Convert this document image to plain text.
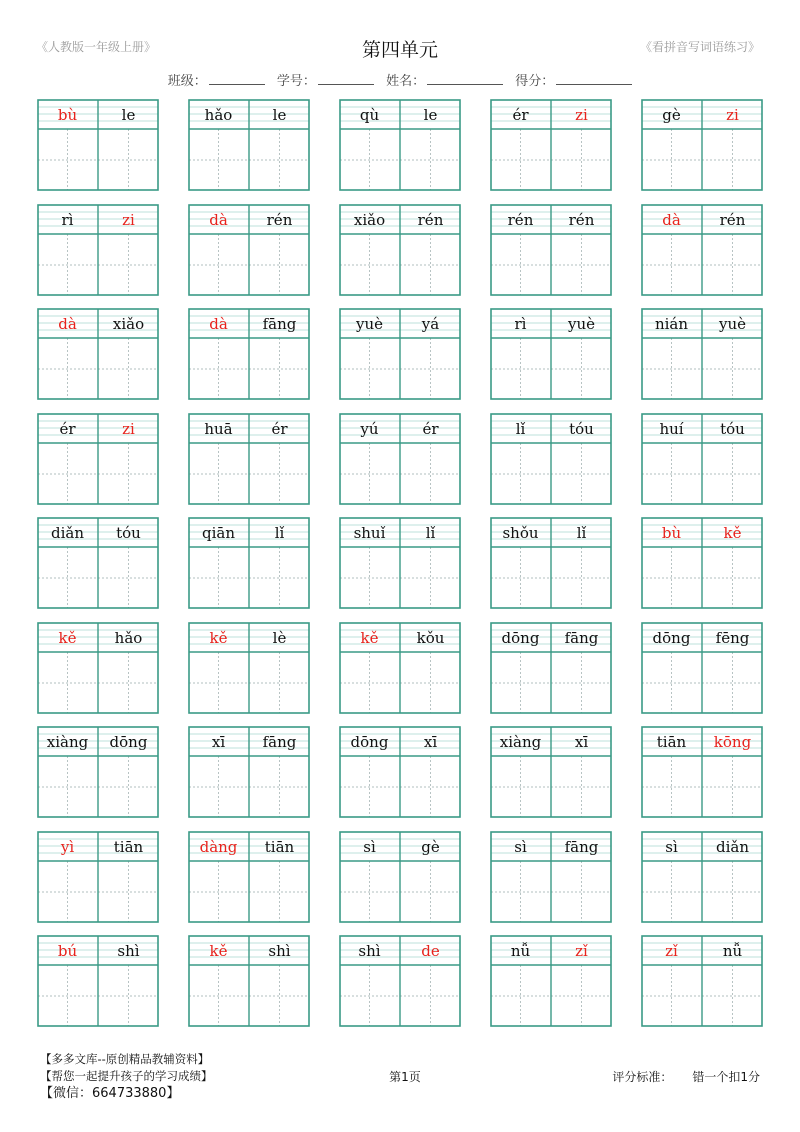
《人教版一年级上册》	第四单元	《看拼音写词语练习》
班级：	学号：	姓名：	得分：
bù	le	hǎo	le	qù	le	ér	zi	gè	zi
rì	zi	dà	rén	xiǎo	rén	rén	rén	dà	rén
dà	xiǎo	dà	fāng	yuè	yá	rì	yuè	nián	yuè
ér	zi	huā	ér	yú	ér	lǐ	tóu	huí	tóu
diǎn	tóu	qiān	lǐ	shuǐ	lǐ	shǒu	lǐ	bù	kě
kě	hǎo	kě	lè	kě	kǒu	dōng	fāng	dōng	fēng
xiàng	dōng	xī	fāng	dōng	xī	xiàng	xī	tiān	kōng
yì	tiān	dàng	tiān	sì	gè	sì	fāng	sì	diǎn
bú	shì	kě	shì	shì	de	nǚ	zǐ	zǐ	nǚ
【多多文库--原创精品教辅资料】
【帮您一起提升孩子的学习成绩】
【微信：664733880】
第1页	评分标准： 错一个扣1分
